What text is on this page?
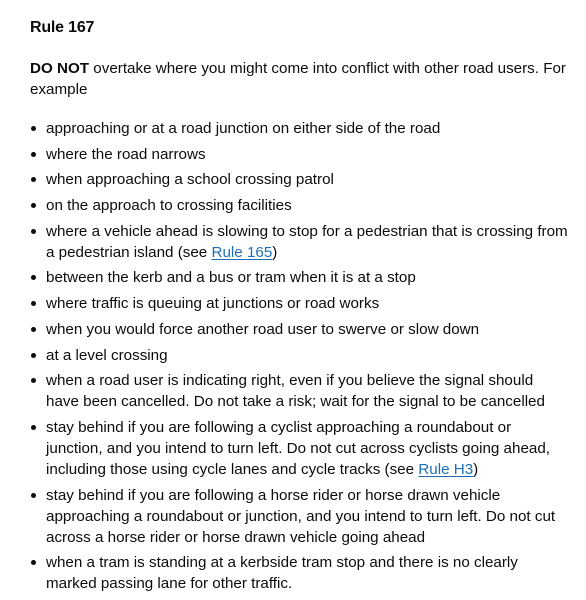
Rule 167

DO NOT overtake where you might come into conflict with other road users. For example

approaching or at a road junction on either side of the road
where the road narrows
when approaching a school crossing patrol
on the approach to crossing facilities
where a vehicle ahead is slowing to stop for a pedestrian that is crossing from a pedestrian island (see Rule 165)
between the kerb and a bus or tram when it is at a stop
where traffic is queuing at junctions or road works
when you would force another road user to swerve or slow down
at a level crossing
when a road user is indicating right, even if you believe the signal should have been cancelled. Do not take a risk; wait for the signal to be cancelled
stay behind if you are following a cyclist approaching a roundabout or junction, and you intend to turn left. Do not cut across cyclists going ahead, including those using cycle lanes and cycle tracks (see Rule H3)
stay behind if you are following a horse rider or horse drawn vehicle approaching a roundabout or junction, and you intend to turn left. Do not cut across a horse rider or horse drawn vehicle going ahead
when a tram is standing at a kerbside tram stop and there is no clearly marked passing lane for other traffic.
